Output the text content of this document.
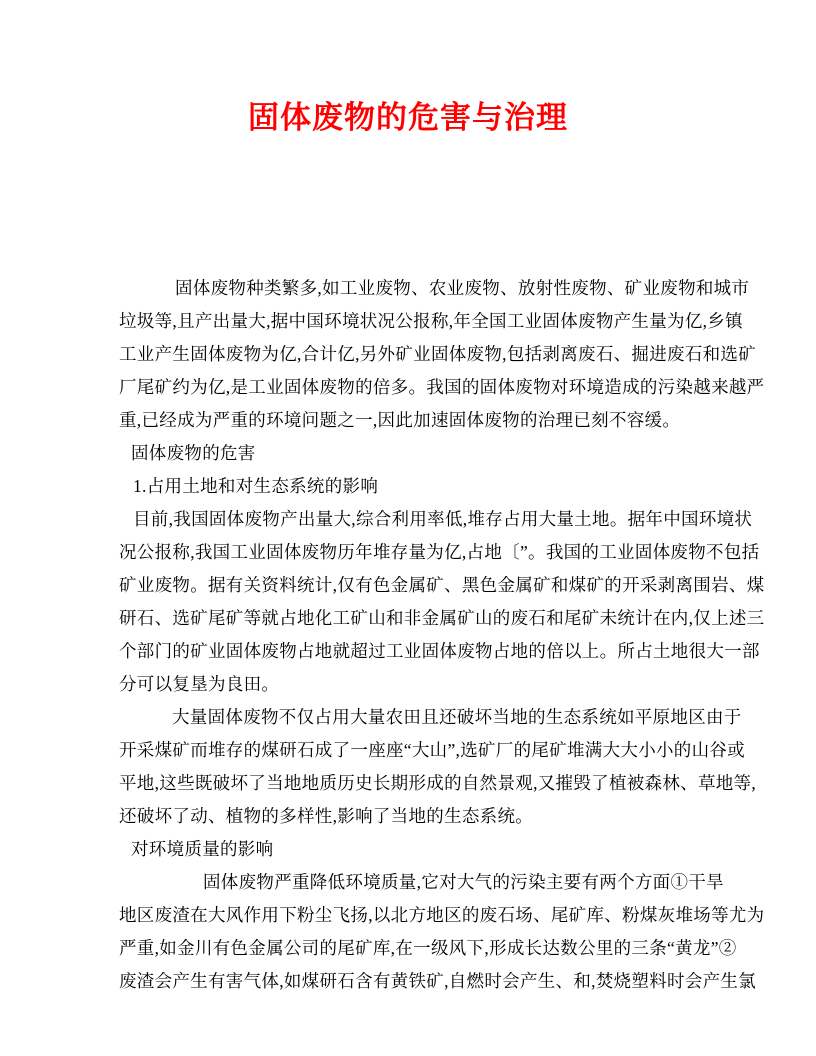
固体废物的危害与治理
固体废物种类繁多,如工业废物、农业废物、放射性废物、矿业废物和城市
垃圾等,且产出量大,据中国环境状况公报称,年全国工业固体废物产生量为亿,乡镇
工业产生固体废物为亿,合计亿,另外矿业固体废物,包括剥离废石、掘进废石和选矿
厂尾矿约为亿,是工业固体废物的倍多。我国的固体废物对环境造成的污染越来越严
重,已经成为严重的环境问题之一,因此加速固体废物的治理已刻不容缓。
固体废物的危害
1.占用土地和对生态系统的影响
目前,我国固体废物产出量大,综合利用率低,堆存占用大量土地。据年中国环境状
况公报称,我国工业固体废物历年堆存量为亿,占地〔”。我国的工业固体废物不包括
矿业废物。据有关资料统计,仅有色金属矿、黑色金属矿和煤矿的开采剥离围岩、煤
研石、选矿尾矿等就占地化工矿山和非金属矿山的废石和尾矿未统计在内,仅上述三
个部门的矿业固体废物占地就超过工业固体废物占地的倍以上。所占土地很大一部
分可以复垦为良田。
大量固体废物不仅占用大量农田且还破坏当地的生态系统如平原地区由于
开采煤矿而堆存的煤研石成了一座座“大山”,选矿厂的尾矿堆满大大小小的山谷或
平地,这些既破坏了当地地质历史长期形成的自然景观,又摧毁了植被森林、草地等,
还破坏了动、植物的多样性,影响了当地的生态系统。
对环境质量的影响
固体废物严重降低环境质量,它对大气的污染主要有两个方面①干旱
地区废渣在大风作用下粉尘飞扬,以北方地区的废石场、尾矿库、粉煤灰堆场等尤为
严重,如金川有色金属公司的尾矿库,在一级风下,形成长达数公里的三条“黄龙”②
废渣会产生有害气体,如煤研石含有黄铁矿,自燃时会产生、和,焚烧塑料时会产生氯
